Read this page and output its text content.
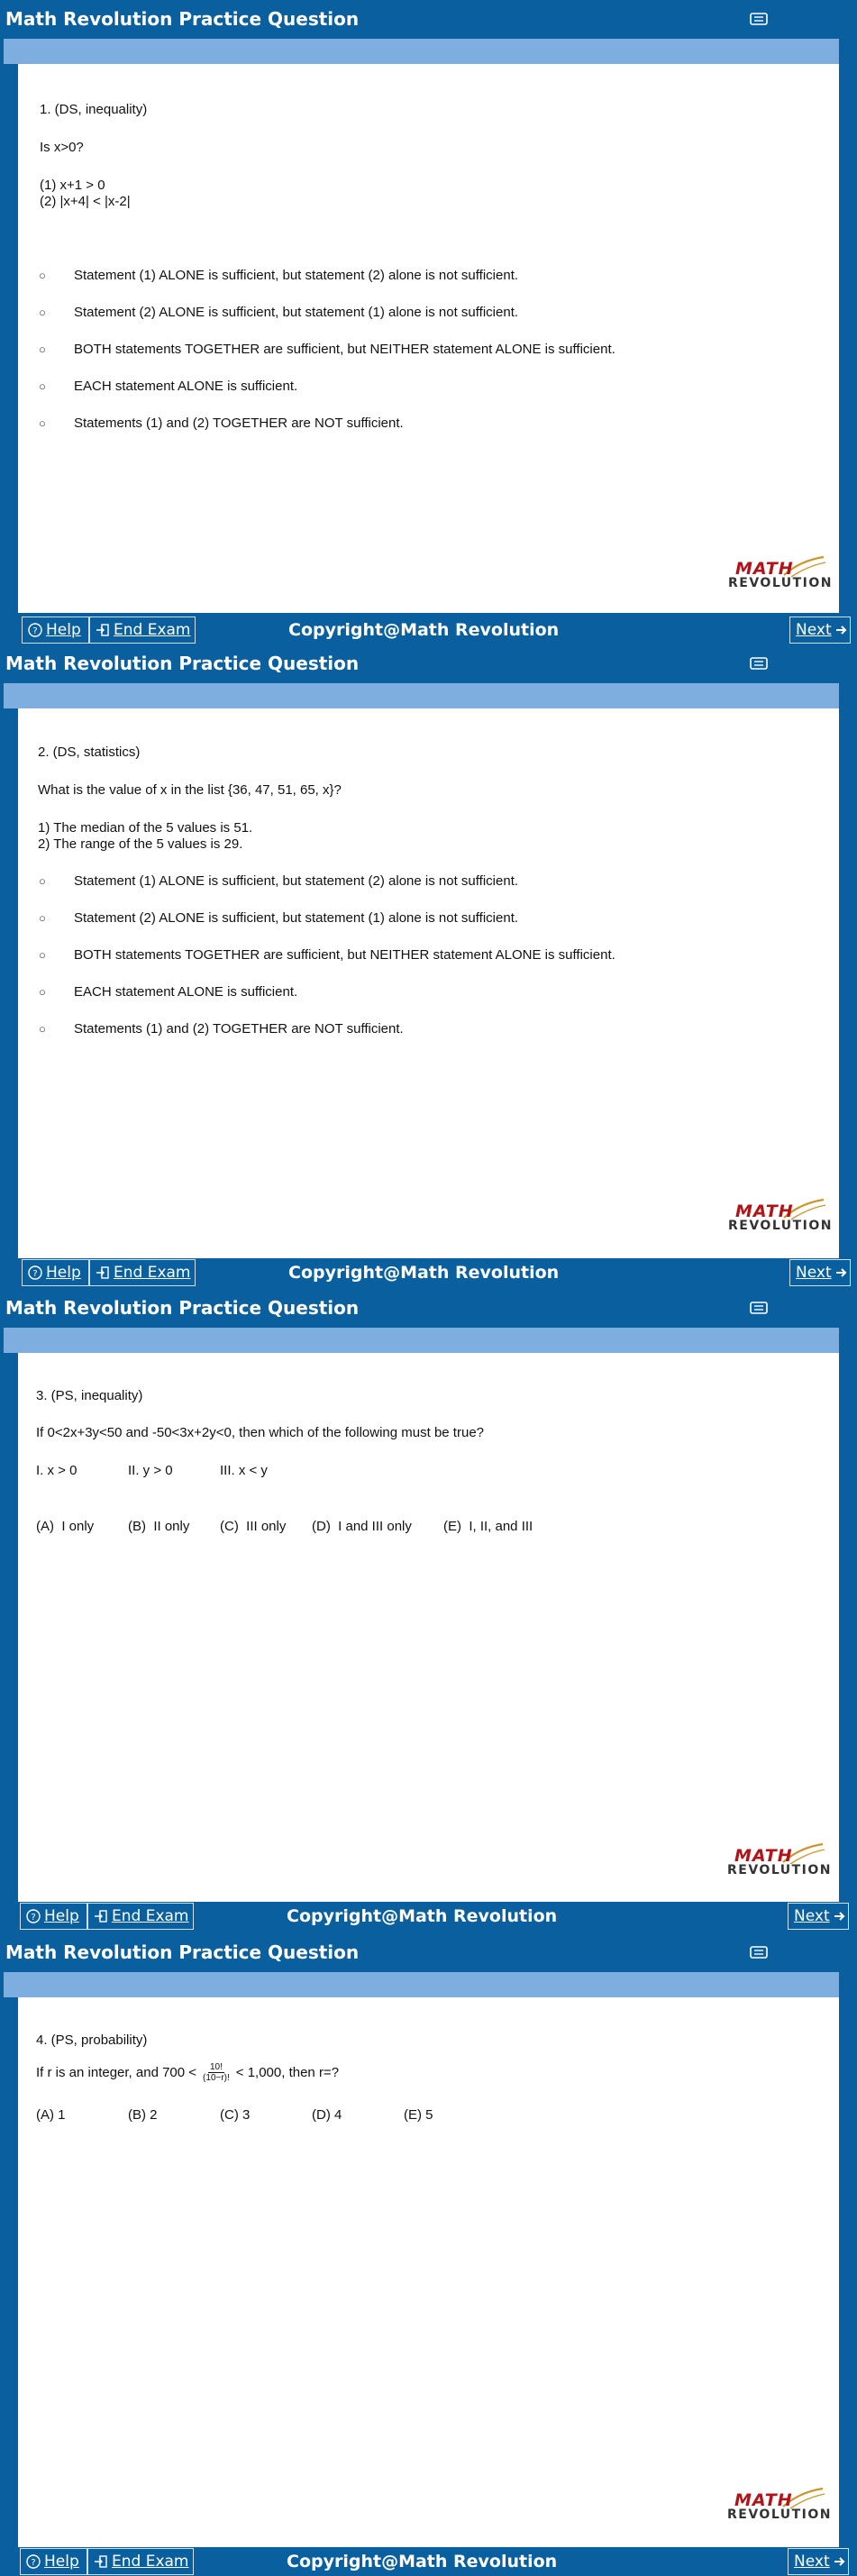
Math Revolution Practice Question
1. (DS, inequality)
Is x>0?
(1) x+1 > 0
(2) |x+4| < |x-2|
○ Statement (1) ALONE is sufficient, but statement (2) alone is not sufficient.
○ Statement (2) ALONE is sufficient, but statement (1) alone is not sufficient.
○ BOTH statements TOGETHER are sufficient, but NEITHER statement ALONE is sufficient.
○ EACH statement ALONE is sufficient.
○ Statements (1) and (2) TOGETHER are NOT sufficient.
MATH
REVOLUTION
? Help End Exam	Copyright@Math Revolution	Next
Math Revolution Practice Question
2. (DS, statistics)
What is the value of x in the list {36, 47, 51, 65, x}?
1) The median of the 5 values is 51.
2) The range of the 5 values is 29.
○ Statement (1) ALONE is sufficient, but statement (2) alone is not sufficient.
○ Statement (2) ALONE is sufficient, but statement (1) alone is not sufficient.
○ BOTH statements TOGETHER are sufficient, but NEITHER statement ALONE is sufficient.
○ EACH statement ALONE is sufficient.
○ Statements (1) and (2) TOGETHER are NOT sufficient.
MATH
REVOLUTION
? Help End Exam	Copyright@Math Revolution	Next
Math Revolution Practice Question
3. (PS, inequality)
If 0<2x+3y<50 and -50<3x+2y<0, then which of the following must be true?
I. x > 0	II. y > 0	III. x < y
(A)  I only	(B)  II only (C)  III only (D)  I and III only (E)  I, II, and III
MATH
REVOLUTION
? Help End Exam	Copyright@Math Revolution	Next
Math Revolution Practice Question
4. (PS, probability)
If r is an integer, and $700 < \frac{10!}{(10-r)!} < 1,000$, then r=?
(A) 1	(B) 2	(C) 3	(D) 4	(E) 5
MATH
REVOLUTION
? Help End Exam	Copyright@Math Revolution	Next
